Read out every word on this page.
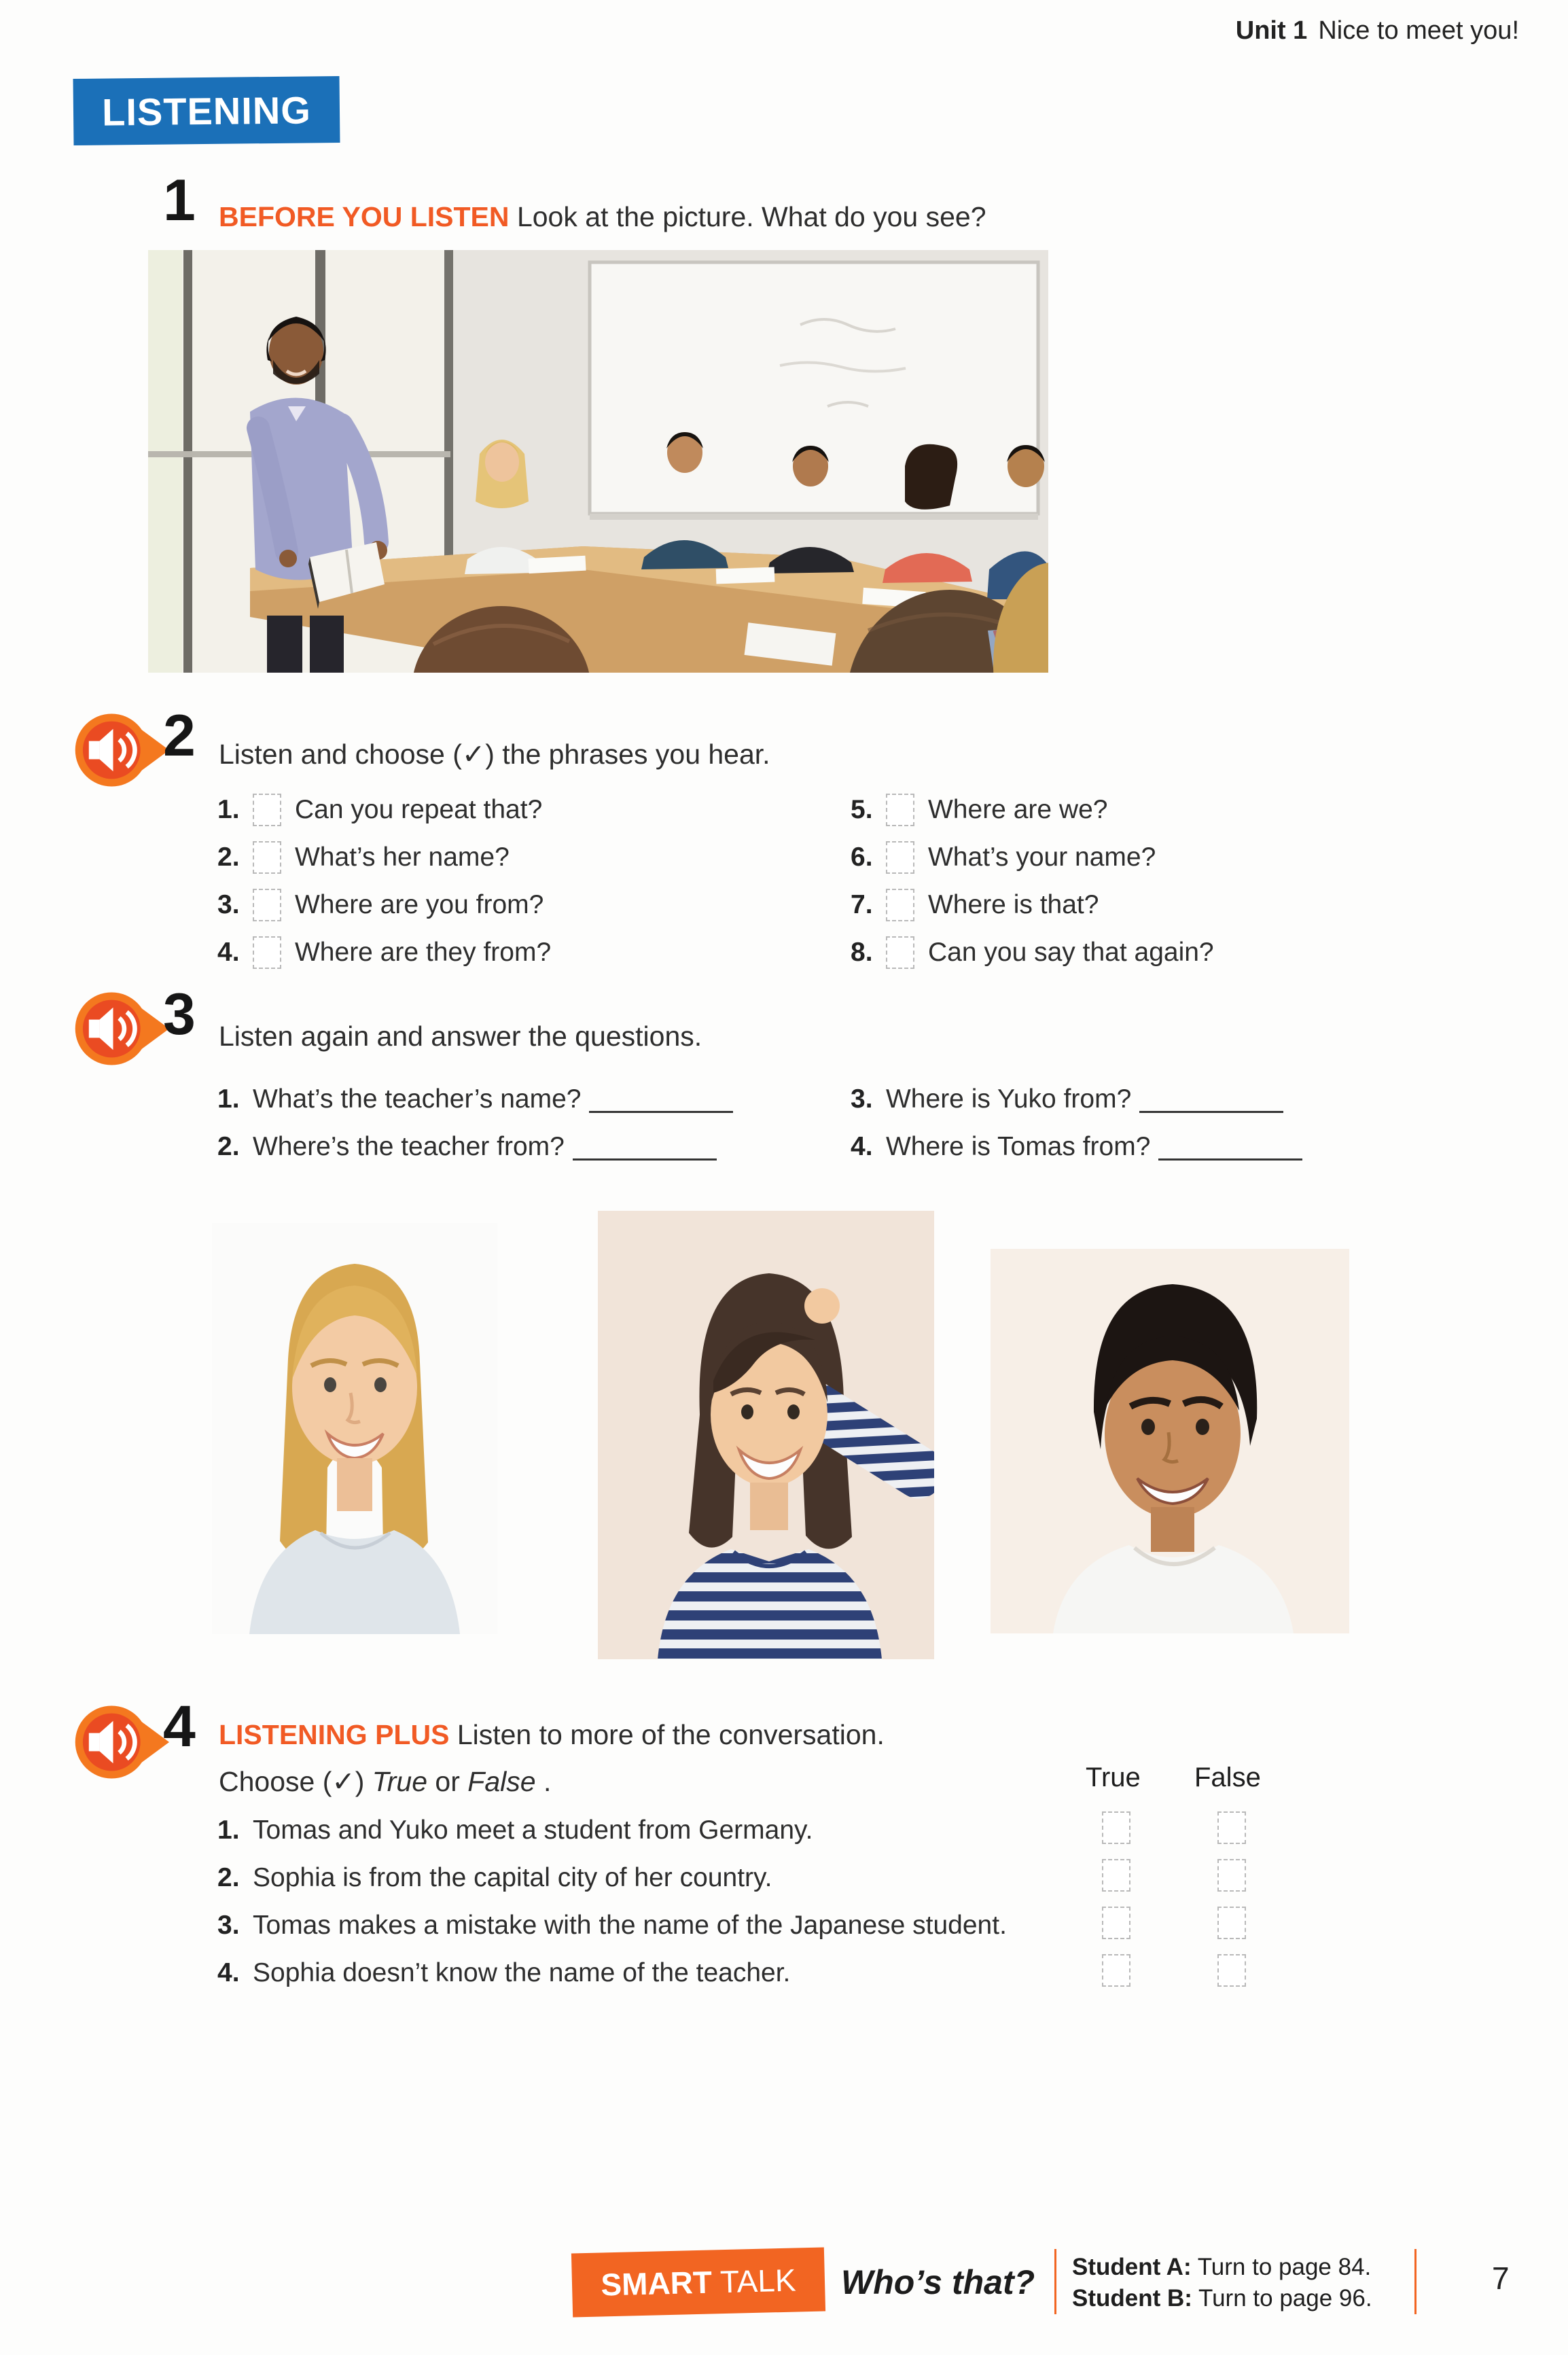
Unit 1 Nice to meet you!
LISTENING
1 BEFORE YOU LISTEN Look at the picture. What do you see?
2 Listen and choose (✓) the phrases you hear.
1.	Can you repeat that?
2.	What’s her name?
3.	Where are you from?
4.	Where are they from?
5.	Where are we?
6.	What’s your name?
7.	Where is that?
8.	Can you say that again?
3 Listen again and answer the questions.
1. What’s the teacher’s name?
2. Where’s the teacher from?
3. Where is Yuko from?
4. Where is Tomas from?
4 LISTENING PLUS Listen to more of the conversation.
Choose (✓) True or False .	True False
1. Tomas and Yuko meet a student from Germany.
2. Sophia is from the capital city of her country.
3. Tomas makes a mistake with the name of the Japanese student.
4. Sophia doesn’t know the name of the teacher.
SMART TALK Who’s that? Student A: Turn to page 84.
Student B: Turn to page 96.
7
